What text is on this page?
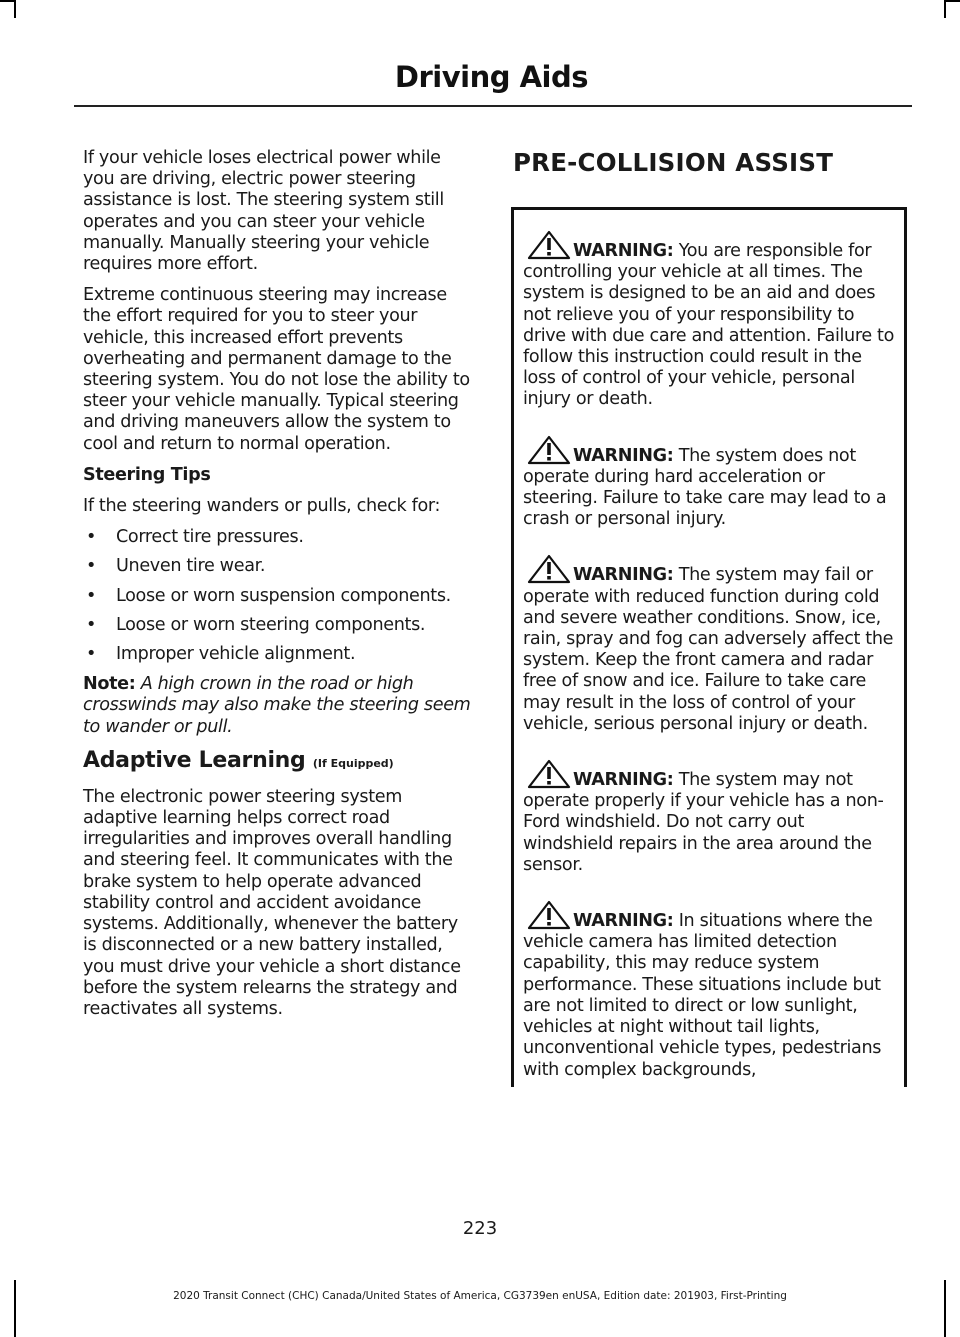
Driving Aids

If your vehicle loses electrical power while you are driving, electric power steering assistance is lost. The steering system still operates and you can steer your vehicle manually. Manually steering your vehicle requires more effort.

Extreme continuous steering may increase the effort required for you to steer your vehicle, this increased effort prevents overheating and permanent damage to the steering system. You do not lose the ability to steer your vehicle manually. Typical steering and driving maneuvers allow the system to cool and return to normal operation.

Steering Tips

If the steering wanders or pulls, check for:

• Correct tire pressures.
• Uneven tire wear.
• Loose or worn suspension components.
• Loose or worn steering components.
• Improper vehicle alignment.

Note: A high crown in the road or high crosswinds may also make the steering seem to wander or pull.

Adaptive Learning (If Equipped)

The electronic power steering system adaptive learning helps correct road irregularities and improves overall handling and steering feel. It communicates with the brake system to help operate advanced stability control and accident avoidance systems. Additionally, whenever the battery is disconnected or a new battery installed, you must drive your vehicle a short distance before the system relearns the strategy and reactivates all systems.

PRE-COLLISION ASSIST
WARNING: You are responsible for controlling your vehicle at all times. The system is designed to be an aid and does not relieve you of your responsibility to drive with due care and attention. Failure to follow this instruction could result in the loss of control of your vehicle, personal injury or death.
WARNING: The system does not operate during hard acceleration or steering. Failure to take care may lead to a crash or personal injury.
WARNING: The system may fail or operate with reduced function during cold and severe weather conditions. Snow, ice, rain, spray and fog can adversely affect the system. Keep the front camera and radar free of snow and ice. Failure to take care may result in the loss of control of your vehicle, serious personal injury or death.
WARNING: The system may not operate properly if your vehicle has a non-Ford windshield. Do not carry out windshield repairs in the area around the sensor.
WARNING: In situations where the vehicle camera has limited detection capability, this may reduce system performance. These situations include but are not limited to direct or low sunlight, vehicles at night without tail lights, unconventional vehicle types, pedestrians with complex backgrounds,
223
2020 Transit Connect (CHC) Canada/United States of America, CG3739en enUSA, Edition date: 201903, First-Printing
